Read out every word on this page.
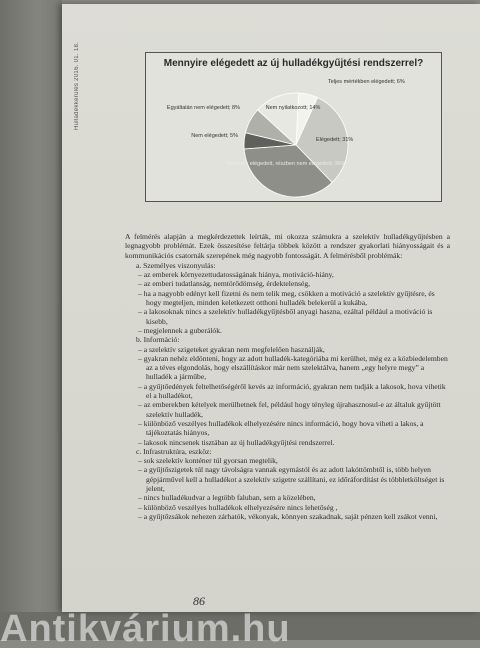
Hulladékkerülés 2016. 01. 18.	Mennyire elégedett az új hulladékgyűjtési rendszerrel?
Teljes mértékben elégedett; 6%
Elégedett; 31%
Részben elégedett, részben nem elégedett; 36%
Nem elégedett; 5%
Egyáltalán nem elégedett; 8%	Nem nyilatkozott; 14%

A felmérés alapján a megkérdezettek leírták, mi okozza számukra a szelektív hulladékgyűjtésben a legnagyobb problémát. Ezek összesítése feltárja többek között a rendszer gyakorlati hiányosságait és a kommunikációs csatornák szerepének még nagyobb fontosságát. A felmérésből problémák:

a. Személyes viszonyulás:
– az emberek környezettudatosságának hiánya, motiváció-hiány,
– az emberi tudatlanság, nemtörődömség, érdektelenség,
– ha a nagyobb edényt kell fizetni és nem telik meg, csökken a motiváció a szelektív gyűjtésre, és hogy megteljen, minden keletkezett otthoni hulladék belekerül a kukába,
– a lakosoknak nincs a szelektív hulladékgyűjtésből anyagi haszna, ezáltal például a motiváció is kisebb,
– megjelennek a guberálók.
b. Információ:
– a szelektív szigeteket gyakran nem megfelelően használják,
– gyakran nehéz eldönteni, hogy az adott hulladék-kategóriába mi kerülhet, még ez a közbiedelemben az a téves elgondolás, hogy elszállításkor már nem szelektálva, hanem „egy helyre megy” a hulladék a járműbe,
– a gyűjtőedények feltelhetőségéről kevés az információ, gyakran nem tudják a lakosok, hova vihetik el a hulladékot,
– az emberekben kételyek merülhetnek fel, például hogy tényleg újrahasznosul-e az általuk gyűjtött szelektív hulladék,
– különböző veszélyes hulladékok elhelyezésére nincs információ, hogy hova viheti a lakos, a tájékoztatás hiányos,
– lakosok nincsenek tisztában az új hulladékgyűjtési rendszerrel.
c. Infrastruktúra, eszköz:
– sok szelektív konténer túl gyorsan megtelik,
– a gyűjtőszigetek túl nagy távolságra vannak egymástól és az adott lakóttömbtől is, több helyen gépjárművel kell a hulladékot a szelektív szigetre szállítani, ez időráfordítást és többletköltséget is jelent,
– nincs hulladékudvar a legtöbb faluban, sem a közelében,
– különböző veszélyes hulladékok elhelyezésére nincs lehetőség ,
– a gyűjtőzsákok nehezen zárhatók, vékonyak, könnyen szakadnak, saját pénzen kell zsákot venni,
86
Antikvárium.hu
